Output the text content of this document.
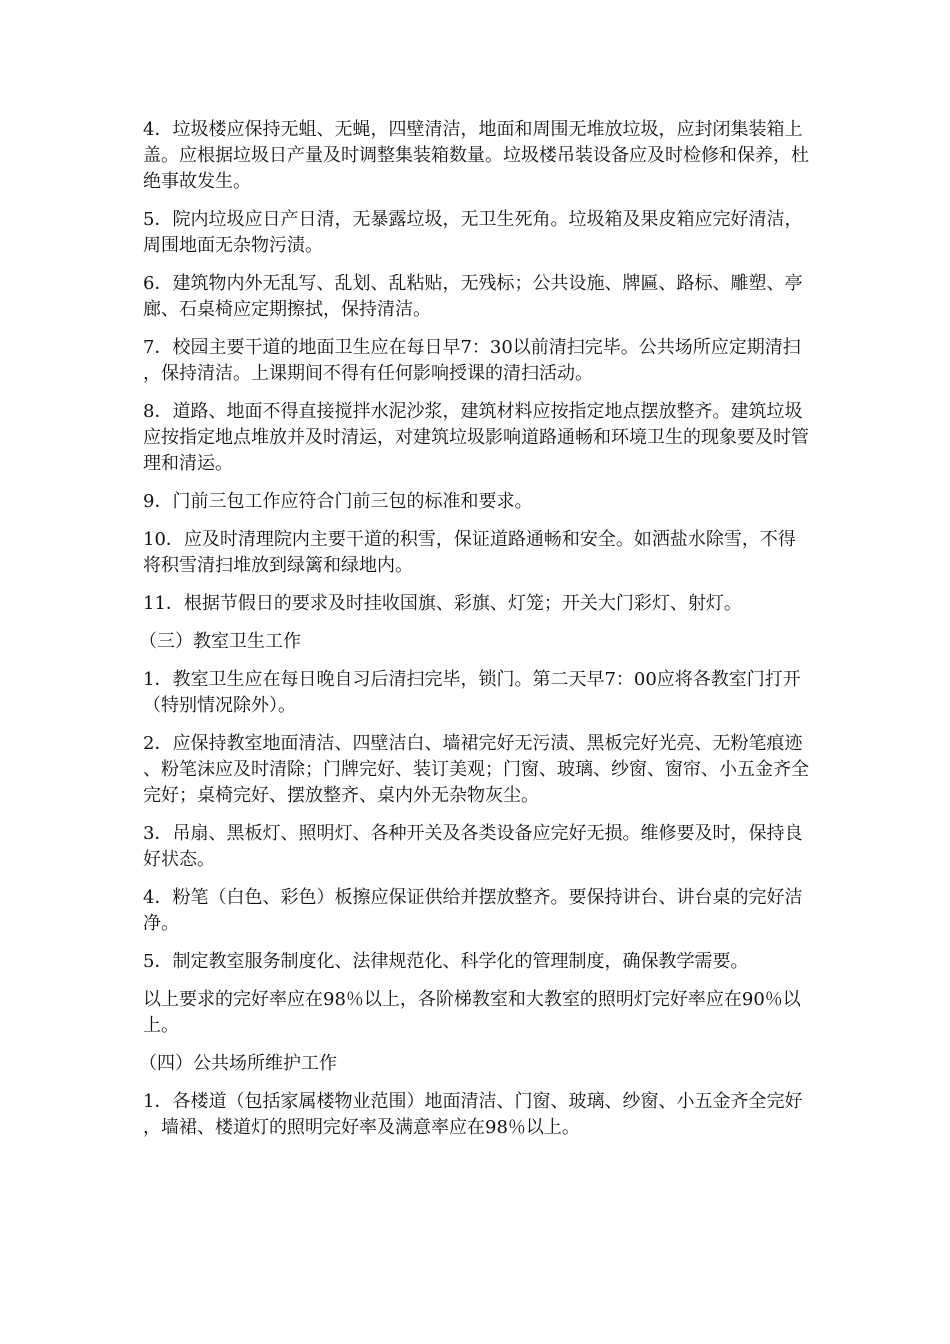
4．垃圾楼应保持无蛆、无蝇，四壁清洁，地面和周围无堆放垃圾，应封闭集装箱上盖。应根据垃圾日产量及时调整集装箱数量。垃圾楼吊装设备应及时检修和保养，杜绝事故发生。

5．院内垃圾应日产日清，无暴露垃圾，无卫生死角。垃圾箱及果皮箱应完好清洁，周围地面无杂物污渍。

6．建筑物内外无乱写、乱划、乱粘贴，无残标；公共设施、牌匾、路标、雕塑、亭廊、石桌椅应定期擦拭，保持清洁。

7．校园主要干道的地面卫生应在每日早7：30以前清扫完毕。公共场所应定期清扫，保持清洁。上课期间不得有任何影响授课的清扫活动。

8．道路、地面不得直接搅拌水泥沙浆，建筑材料应按指定地点摆放整齐。建筑垃圾应按指定地点堆放并及时清运，对建筑垃圾影响道路通畅和环境卫生的现象要及时管理和清运。

9．门前三包工作应符合门前三包的标准和要求。

10．应及时清理院内主要干道的积雪，保证道路通畅和安全。如洒盐水除雪，不得将积雪清扫堆放到绿篱和绿地内。

11．根据节假日的要求及时挂收国旗、彩旗、灯笼；开关大门彩灯、射灯。

（三）教室卫生工作

1．教室卫生应在每日晚自习后清扫完毕，锁门。第二天早7：00应将各教室门打开（特别情况除外）。

2．应保持教室地面清洁、四壁洁白、墙裙完好无污渍、黑板完好光亮、无粉笔痕迹、粉笔沫应及时清除；门牌完好、装订美观；门窗、玻璃、纱窗、窗帘、小五金齐全完好；桌椅完好、摆放整齐、桌内外无杂物灰尘。

3．吊扇、黑板灯、照明灯、各种开关及各类设备应完好无损。维修要及时，保持良好状态。

4．粉笔（白色、彩色）板擦应保证供给并摆放整齐。要保持讲台、讲台桌的完好洁净。

5．制定教室服务制度化、法律规范化、科学化的管理制度，确保教学需要。

以上要求的完好率应在98％以上，各阶梯教室和大教室的照明灯完好率应在90％以上。

（四）公共场所维护工作

1．各楼道（包括家属楼物业范围）地面清洁、门窗、玻璃、纱窗、小五金齐全完好，墙裙、楼道灯的照明完好率及满意率应在98％以上。
